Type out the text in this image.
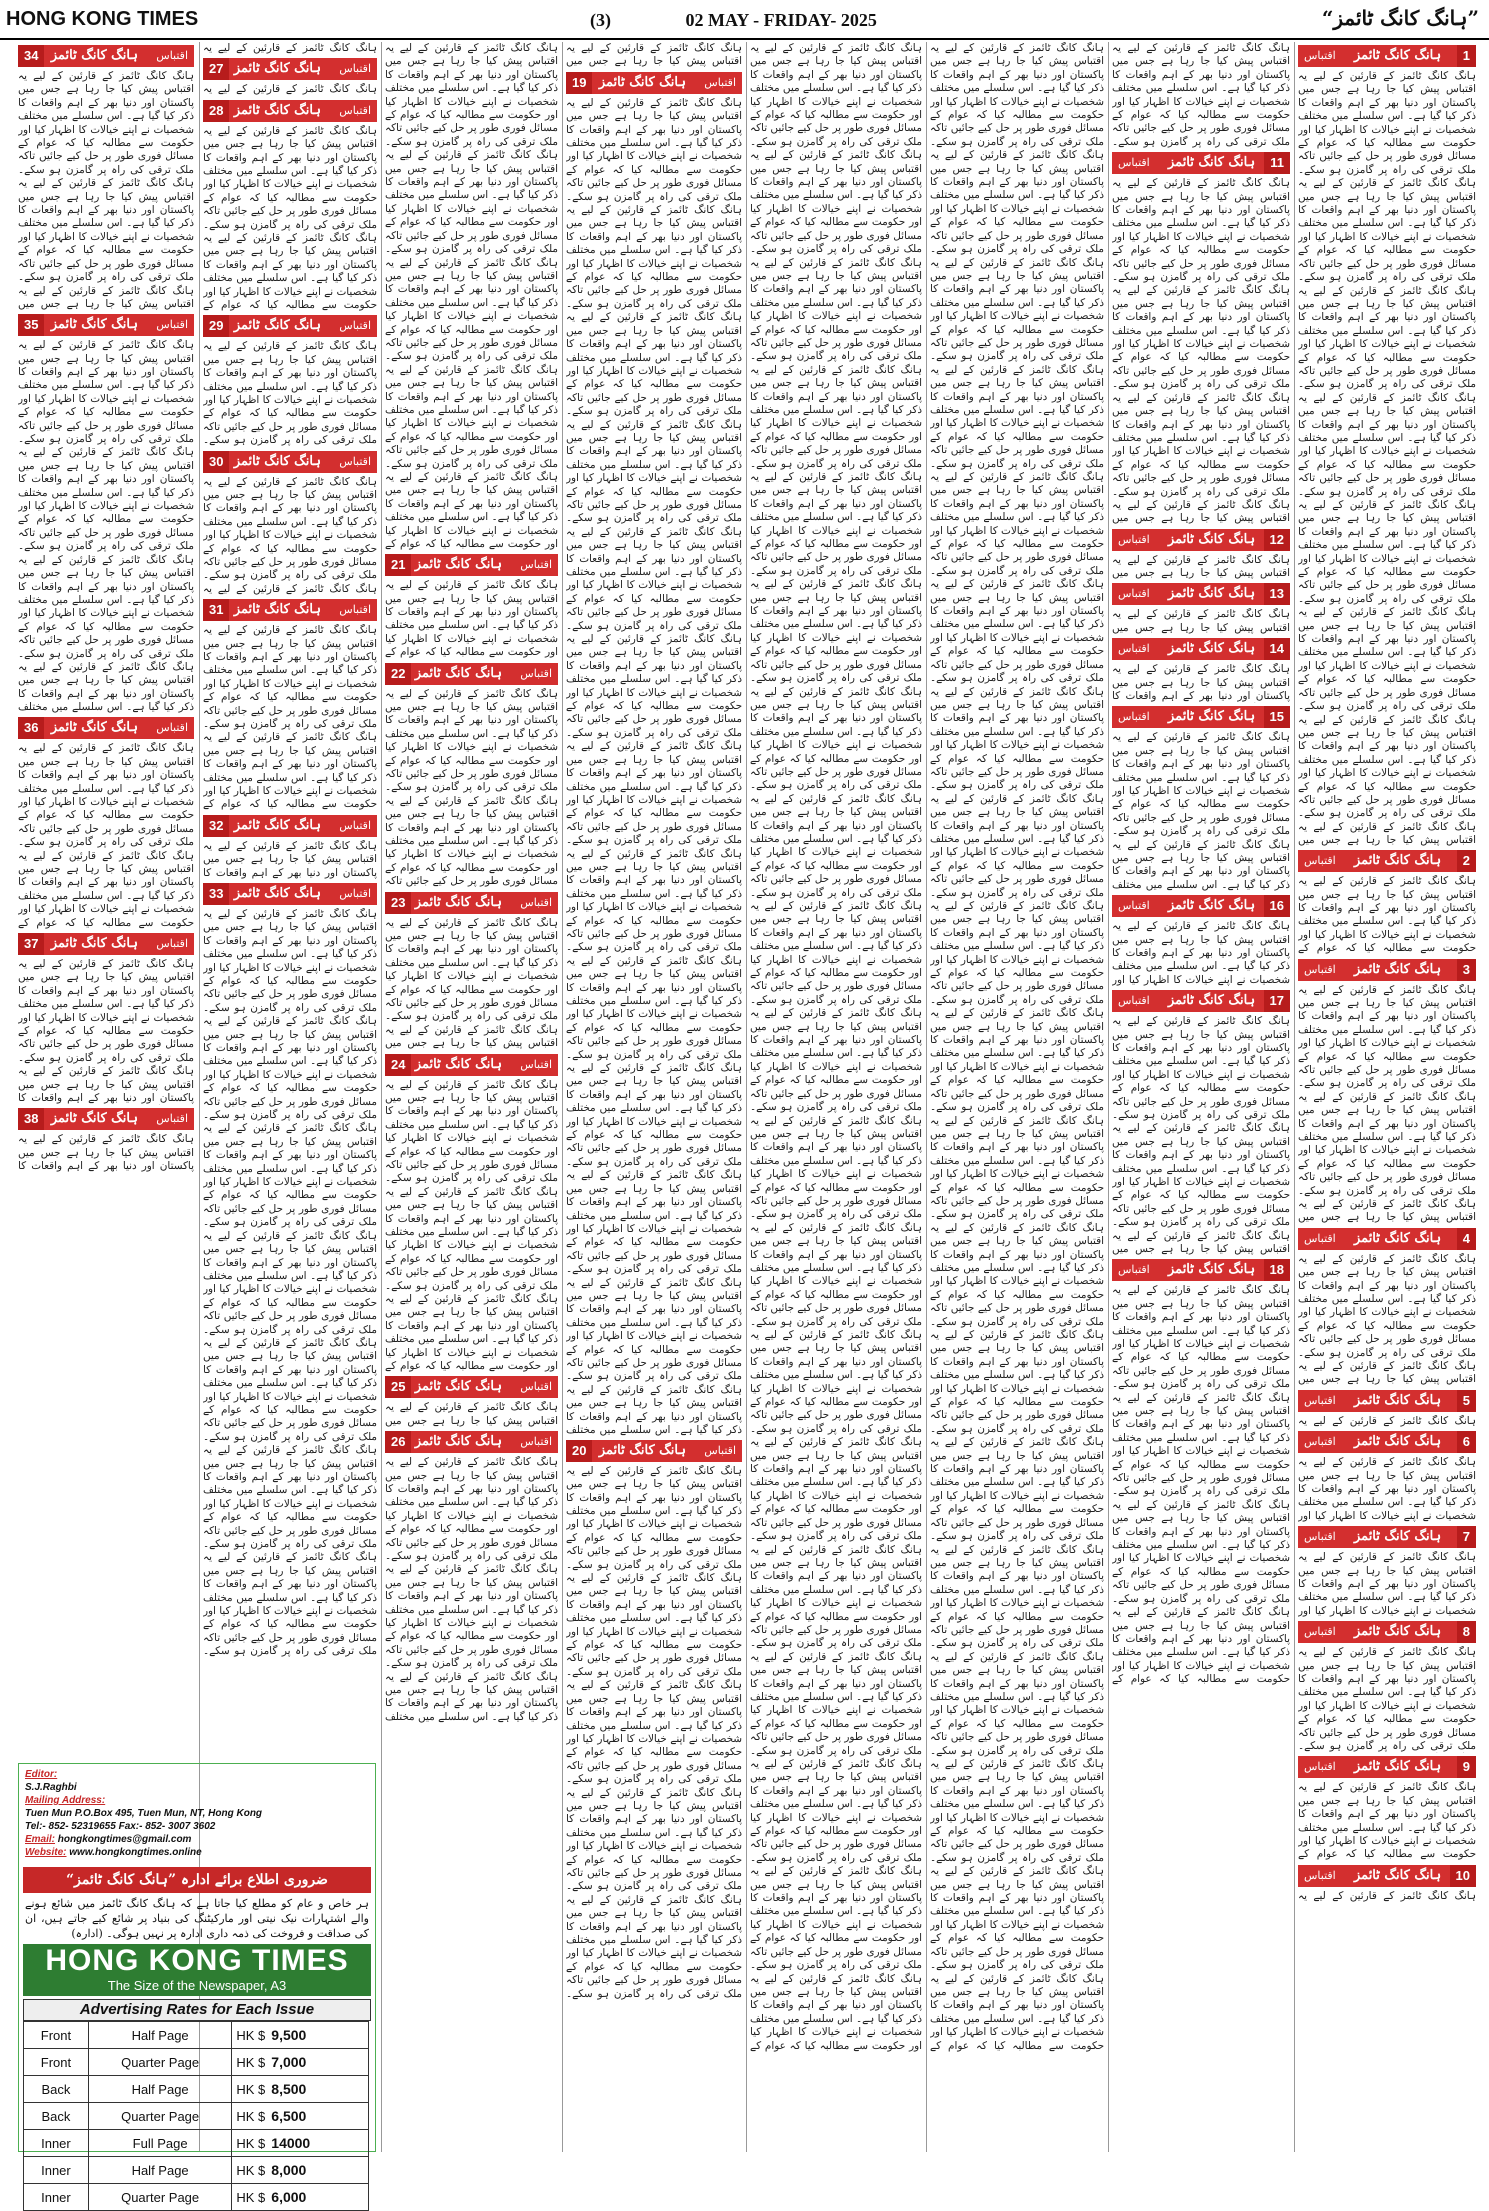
HONG KONG TIMES	(3)	02 MAY - FRIDAY- 2025	”ہانگ کانگ ٹائمز“
اقتباس ہانگ کانگ ٹائمز	1
ہانگ کانگ ٹائمز کے قارئین کے لیے یہ اقتباس پیش کیا جا رہا ہے جس میں پاکستان اور دنیا بھر کے اہم واقعات کا ذکر کیا گیا ہے۔ اس سلسلے میں مختلف شخصیات نے اپنے خیالات کا اظہار کیا اور حکومت سے مطالبہ کیا کہ عوام کے مسائل فوری طور پر حل کیے جائیں تاکہ ملک ترقی کی راہ پر گامزن ہو سکے۔ ہانگ کانگ ٹائمز کے قارئین کے لیے یہ اقتباس پیش کیا جا رہا ہے جس میں پاکستان اور دنیا بھر کے اہم واقعات کا ذکر کیا گیا ہے۔ اس سلسلے میں مختلف شخصیات نے اپنے خیالات کا اظہار کیا اور حکومت سے مطالبہ کیا کہ عوام کے مسائل فوری طور پر حل کیے جائیں تاکہ ملک ترقی کی راہ پر گامزن ہو سکے۔ ہانگ کانگ ٹائمز کے قارئین کے لیے یہ اقتباس پیش کیا جا رہا ہے جس میں پاکستان اور دنیا بھر کے اہم واقعات کا ذکر کیا گیا ہے۔ اس سلسلے میں مختلف شخصیات نے اپنے خیالات کا اظہار کیا اور حکومت سے مطالبہ کیا کہ عوام کے مسائل فوری طور پر حل کیے جائیں تاکہ ملک ترقی کی راہ پر گامزن ہو سکے۔ ہانگ کانگ ٹائمز کے قارئین کے لیے یہ اقتباس پیش کیا جا رہا ہے جس میں پاکستان اور دنیا بھر کے اہم واقعات کا ذکر کیا گیا ہے۔ اس سلسلے میں مختلف شخصیات نے اپنے خیالات کا اظہار کیا اور حکومت سے مطالبہ کیا کہ عوام کے مسائل فوری طور پر حل کیے جائیں تاکہ ملک ترقی کی راہ پر گامزن ہو سکے۔ ہانگ کانگ ٹائمز کے قارئین کے لیے یہ اقتباس پیش کیا جا رہا ہے جس میں پاکستان اور دنیا بھر کے اہم واقعات کا ذکر کیا گیا ہے۔ اس سلسلے میں مختلف شخصیات نے اپنے خیالات کا اظہار کیا اور حکومت سے مطالبہ کیا کہ عوام کے مسائل فوری طور پر حل کیے جائیں تاکہ ملک ترقی کی راہ پر گامزن ہو سکے۔ ہانگ کانگ ٹائمز کے قارئین کے لیے یہ اقتباس پیش کیا جا رہا ہے جس میں پاکستان اور دنیا بھر کے اہم واقعات کا ذکر کیا گیا ہے۔ اس سلسلے میں مختلف شخصیات نے اپنے خیالات کا اظہار کیا اور حکومت سے مطالبہ کیا کہ عوام کے مسائل فوری طور پر حل کیے جائیں تاکہ ملک ترقی کی راہ پر گامزن ہو سکے۔ ہانگ کانگ ٹائمز کے قارئین کے لیے یہ اقتباس پیش کیا جا رہا ہے جس میں پاکستان اور دنیا بھر کے اہم واقعات کا ذکر کیا گیا ہے۔ اس سلسلے میں مختلف شخصیات نے اپنے خیالات کا اظہار کیا اور حکومت سے مطالبہ کیا کہ عوام کے مسائل فوری طور پر حل کیے جائیں تاکہ ملک ترقی کی راہ پر گامزن ہو سکے۔ ہانگ کانگ ٹائمز کے قارئین کے لیے یہ اقتباس پیش کیا جا رہا ہے جس میں
اقتباس ہانگ کانگ ٹائمز	2
ہانگ کانگ ٹائمز کے قارئین کے لیے یہ اقتباس پیش کیا جا رہا ہے جس میں پاکستان اور دنیا بھر کے اہم واقعات کا ذکر کیا گیا ہے۔ اس سلسلے میں مختلف شخصیات نے اپنے خیالات کا اظہار کیا اور حکومت سے مطالبہ کیا کہ عوام کے
اقتباس ہانگ کانگ ٹائمز	3
ہانگ کانگ ٹائمز کے قارئین کے لیے یہ اقتباس پیش کیا جا رہا ہے جس میں پاکستان اور دنیا بھر کے اہم واقعات کا ذکر کیا گیا ہے۔ اس سلسلے میں مختلف شخصیات نے اپنے خیالات کا اظہار کیا اور حکومت سے مطالبہ کیا کہ عوام کے مسائل فوری طور پر حل کیے جائیں تاکہ ملک ترقی کی راہ پر گامزن ہو سکے۔ ہانگ کانگ ٹائمز کے قارئین کے لیے یہ اقتباس پیش کیا جا رہا ہے جس میں پاکستان اور دنیا بھر کے اہم واقعات کا ذکر کیا گیا ہے۔ اس سلسلے میں مختلف شخصیات نے اپنے خیالات کا اظہار کیا اور حکومت سے مطالبہ کیا کہ عوام کے مسائل فوری طور پر حل کیے جائیں تاکہ ملک ترقی کی راہ پر گامزن ہو سکے۔ ہانگ کانگ ٹائمز کے قارئین کے لیے یہ اقتباس پیش کیا جا رہا ہے جس میں
اقتباس ہانگ کانگ ٹائمز	4
ہانگ کانگ ٹائمز کے قارئین کے لیے یہ اقتباس پیش کیا جا رہا ہے جس میں پاکستان اور دنیا بھر کے اہم واقعات کا ذکر کیا گیا ہے۔ اس سلسلے میں مختلف شخصیات نے اپنے خیالات کا اظہار کیا اور حکومت سے مطالبہ کیا کہ عوام کے مسائل فوری طور پر حل کیے جائیں تاکہ ملک ترقی کی راہ پر گامزن ہو سکے۔ ہانگ کانگ ٹائمز کے قارئین کے لیے یہ اقتباس پیش کیا جا رہا ہے جس میں
اقتباس ہانگ کانگ ٹائمز	5
ہانگ کانگ ٹائمز کے قارئین کے لیے یہ
اقتباس ہانگ کانگ ٹائمز	6
ہانگ کانگ ٹائمز کے قارئین کے لیے یہ اقتباس پیش کیا جا رہا ہے جس میں پاکستان اور دنیا بھر کے اہم واقعات کا ذکر کیا گیا ہے۔ اس سلسلے میں مختلف شخصیات نے اپنے خیالات کا اظہار کیا اور
اقتباس ہانگ کانگ ٹائمز	7
ہانگ کانگ ٹائمز کے قارئین کے لیے یہ اقتباس پیش کیا جا رہا ہے جس میں پاکستان اور دنیا بھر کے اہم واقعات کا ذکر کیا گیا ہے۔ اس سلسلے میں مختلف شخصیات نے اپنے خیالات کا اظہار کیا اور
اقتباس ہانگ کانگ ٹائمز	8
ہانگ کانگ ٹائمز کے قارئین کے لیے یہ اقتباس پیش کیا جا رہا ہے جس میں پاکستان اور دنیا بھر کے اہم واقعات کا ذکر کیا گیا ہے۔ اس سلسلے میں مختلف شخصیات نے اپنے خیالات کا اظہار کیا اور حکومت سے مطالبہ کیا کہ عوام کے مسائل فوری طور پر حل کیے جائیں تاکہ ملک ترقی کی راہ پر گامزن ہو سکے۔
اقتباس ہانگ کانگ ٹائمز	9
ہانگ کانگ ٹائمز کے قارئین کے لیے یہ اقتباس پیش کیا جا رہا ہے جس میں پاکستان اور دنیا بھر کے اہم واقعات کا ذکر کیا گیا ہے۔ اس سلسلے میں مختلف شخصیات نے اپنے خیالات کا اظہار کیا اور حکومت سے مطالبہ کیا کہ عوام کے
اقتباس ہانگ کانگ ٹائمز	10
ہانگ کانگ ٹائمز کے قارئین کے لیے یہ
ہانگ کانگ ٹائمز کے قارئین کے لیے یہ اقتباس پیش کیا جا رہا ہے جس میں پاکستان اور دنیا بھر کے اہم واقعات کا ذکر کیا گیا ہے۔ اس سلسلے میں مختلف شخصیات نے اپنے خیالات کا اظہار کیا اور حکومت سے مطالبہ کیا کہ عوام کے مسائل فوری طور پر حل کیے جائیں تاکہ ملک ترقی کی راہ پر گامزن ہو سکے۔
اقتباس ہانگ کانگ ٹائمز	11
ہانگ کانگ ٹائمز کے قارئین کے لیے یہ اقتباس پیش کیا جا رہا ہے جس میں پاکستان اور دنیا بھر کے اہم واقعات کا ذکر کیا گیا ہے۔ اس سلسلے میں مختلف شخصیات نے اپنے خیالات کا اظہار کیا اور حکومت سے مطالبہ کیا کہ عوام کے مسائل فوری طور پر حل کیے جائیں تاکہ ملک ترقی کی راہ پر گامزن ہو سکے۔ ہانگ کانگ ٹائمز کے قارئین کے لیے یہ اقتباس پیش کیا جا رہا ہے جس میں پاکستان اور دنیا بھر کے اہم واقعات کا ذکر کیا گیا ہے۔ اس سلسلے میں مختلف شخصیات نے اپنے خیالات کا اظہار کیا اور حکومت سے مطالبہ کیا کہ عوام کے مسائل فوری طور پر حل کیے جائیں تاکہ ملک ترقی کی راہ پر گامزن ہو سکے۔ ہانگ کانگ ٹائمز کے قارئین کے لیے یہ اقتباس پیش کیا جا رہا ہے جس میں پاکستان اور دنیا بھر کے اہم واقعات کا ذکر کیا گیا ہے۔ اس سلسلے میں مختلف شخصیات نے اپنے خیالات کا اظہار کیا اور حکومت سے مطالبہ کیا کہ عوام کے مسائل فوری طور پر حل کیے جائیں تاکہ ملک ترقی کی راہ پر گامزن ہو سکے۔ ہانگ کانگ ٹائمز کے قارئین کے لیے یہ اقتباس پیش کیا جا رہا ہے جس میں
اقتباس ہانگ کانگ ٹائمز	12
ہانگ کانگ ٹائمز کے قارئین کے لیے یہ اقتباس پیش کیا جا رہا ہے جس میں
اقتباس ہانگ کانگ ٹائمز	13
ہانگ کانگ ٹائمز کے قارئین کے لیے یہ اقتباس پیش کیا جا رہا ہے جس میں
اقتباس ہانگ کانگ ٹائمز	14
ہانگ کانگ ٹائمز کے قارئین کے لیے یہ اقتباس پیش کیا جا رہا ہے جس میں پاکستان اور دنیا بھر کے اہم واقعات کا
اقتباس ہانگ کانگ ٹائمز	15
ہانگ کانگ ٹائمز کے قارئین کے لیے یہ اقتباس پیش کیا جا رہا ہے جس میں پاکستان اور دنیا بھر کے اہم واقعات کا ذکر کیا گیا ہے۔ اس سلسلے میں مختلف شخصیات نے اپنے خیالات کا اظہار کیا اور حکومت سے مطالبہ کیا کہ عوام کے مسائل فوری طور پر حل کیے جائیں تاکہ ملک ترقی کی راہ پر گامزن ہو سکے۔ ہانگ کانگ ٹائمز کے قارئین کے لیے یہ اقتباس پیش کیا جا رہا ہے جس میں پاکستان اور دنیا بھر کے اہم واقعات کا ذکر کیا گیا ہے۔ اس سلسلے میں مختلف
اقتباس ہانگ کانگ ٹائمز	16
ہانگ کانگ ٹائمز کے قارئین کے لیے یہ اقتباس پیش کیا جا رہا ہے جس میں پاکستان اور دنیا بھر کے اہم واقعات کا ذکر کیا گیا ہے۔ اس سلسلے میں مختلف شخصیات نے اپنے خیالات کا اظہار کیا اور
اقتباس ہانگ کانگ ٹائمز	17
ہانگ کانگ ٹائمز کے قارئین کے لیے یہ اقتباس پیش کیا جا رہا ہے جس میں پاکستان اور دنیا بھر کے اہم واقعات کا ذکر کیا گیا ہے۔ اس سلسلے میں مختلف شخصیات نے اپنے خیالات کا اظہار کیا اور حکومت سے مطالبہ کیا کہ عوام کے مسائل فوری طور پر حل کیے جائیں تاکہ ملک ترقی کی راہ پر گامزن ہو سکے۔ ہانگ کانگ ٹائمز کے قارئین کے لیے یہ اقتباس پیش کیا جا رہا ہے جس میں پاکستان اور دنیا بھر کے اہم واقعات کا ذکر کیا گیا ہے۔ اس سلسلے میں مختلف شخصیات نے اپنے خیالات کا اظہار کیا اور حکومت سے مطالبہ کیا کہ عوام کے مسائل فوری طور پر حل کیے جائیں تاکہ ملک ترقی کی راہ پر گامزن ہو سکے۔ ہانگ کانگ ٹائمز کے قارئین کے لیے یہ اقتباس پیش کیا جا رہا ہے جس میں
اقتباس ہانگ کانگ ٹائمز	18
ہانگ کانگ ٹائمز کے قارئین کے لیے یہ اقتباس پیش کیا جا رہا ہے جس میں پاکستان اور دنیا بھر کے اہم واقعات کا ذکر کیا گیا ہے۔ اس سلسلے میں مختلف شخصیات نے اپنے خیالات کا اظہار کیا اور حکومت سے مطالبہ کیا کہ عوام کے مسائل فوری طور پر حل کیے جائیں تاکہ ملک ترقی کی راہ پر گامزن ہو سکے۔ ہانگ کانگ ٹائمز کے قارئین کے لیے یہ اقتباس پیش کیا جا رہا ہے جس میں پاکستان اور دنیا بھر کے اہم واقعات کا ذکر کیا گیا ہے۔ اس سلسلے میں مختلف شخصیات نے اپنے خیالات کا اظہار کیا اور حکومت سے مطالبہ کیا کہ عوام کے مسائل فوری طور پر حل کیے جائیں تاکہ ملک ترقی کی راہ پر گامزن ہو سکے۔ ہانگ کانگ ٹائمز کے قارئین کے لیے یہ اقتباس پیش کیا جا رہا ہے جس میں پاکستان اور دنیا بھر کے اہم واقعات کا ذکر کیا گیا ہے۔ اس سلسلے میں مختلف شخصیات نے اپنے خیالات کا اظہار کیا اور حکومت سے مطالبہ کیا کہ عوام کے مسائل فوری طور پر حل کیے جائیں تاکہ ملک ترقی کی راہ پر گامزن ہو سکے۔ ہانگ کانگ ٹائمز کے قارئین کے لیے یہ اقتباس پیش کیا جا رہا ہے جس میں پاکستان اور دنیا بھر کے اہم واقعات کا ذکر کیا گیا ہے۔ اس سلسلے میں مختلف شخصیات نے اپنے خیالات کا اظہار کیا اور حکومت سے مطالبہ کیا کہ عوام کے
ہانگ کانگ ٹائمز کے قارئین کے لیے یہ اقتباس پیش کیا جا رہا ہے جس میں پاکستان اور دنیا بھر کے اہم واقعات کا ذکر کیا گیا ہے۔ اس سلسلے میں مختلف شخصیات نے اپنے خیالات کا اظہار کیا اور حکومت سے مطالبہ کیا کہ عوام کے مسائل فوری طور پر حل کیے جائیں تاکہ ملک ترقی کی راہ پر گامزن ہو سکے۔ ہانگ کانگ ٹائمز کے قارئین کے لیے یہ اقتباس پیش کیا جا رہا ہے جس میں پاکستان اور دنیا بھر کے اہم واقعات کا ذکر کیا گیا ہے۔ اس سلسلے میں مختلف شخصیات نے اپنے خیالات کا اظہار کیا اور حکومت سے مطالبہ کیا کہ عوام کے مسائل فوری طور پر حل کیے جائیں تاکہ ملک ترقی کی راہ پر گامزن ہو سکے۔ ہانگ کانگ ٹائمز کے قارئین کے لیے یہ اقتباس پیش کیا جا رہا ہے جس میں پاکستان اور دنیا بھر کے اہم واقعات کا ذکر کیا گیا ہے۔ اس سلسلے میں مختلف شخصیات نے اپنے خیالات کا اظہار کیا اور حکومت سے مطالبہ کیا کہ عوام کے مسائل فوری طور پر حل کیے جائیں تاکہ ملک ترقی کی راہ پر گامزن ہو سکے۔ ہانگ کانگ ٹائمز کے قارئین کے لیے یہ اقتباس پیش کیا جا رہا ہے جس میں پاکستان اور دنیا بھر کے اہم واقعات کا ذکر کیا گیا ہے۔ اس سلسلے میں مختلف شخصیات نے اپنے خیالات کا اظہار کیا اور حکومت سے مطالبہ کیا کہ عوام کے مسائل فوری طور پر حل کیے جائیں تاکہ ملک ترقی کی راہ پر گامزن ہو سکے۔ ہانگ کانگ ٹائمز کے قارئین کے لیے یہ اقتباس پیش کیا جا رہا ہے جس میں پاکستان اور دنیا بھر کے اہم واقعات کا ذکر کیا گیا ہے۔ اس سلسلے میں مختلف شخصیات نے اپنے خیالات کا اظہار کیا اور حکومت سے مطالبہ کیا کہ عوام کے مسائل فوری طور پر حل کیے جائیں تاکہ ملک ترقی کی راہ پر گامزن ہو سکے۔ ہانگ کانگ ٹائمز کے قارئین کے لیے یہ اقتباس پیش کیا جا رہا ہے جس میں پاکستان اور دنیا بھر کے اہم واقعات کا ذکر کیا گیا ہے۔ اس سلسلے میں مختلف شخصیات نے اپنے خیالات کا اظہار کیا اور حکومت سے مطالبہ کیا کہ عوام کے مسائل فوری طور پر حل کیے جائیں تاکہ ملک ترقی کی راہ پر گامزن ہو سکے۔ ہانگ کانگ ٹائمز کے قارئین کے لیے یہ اقتباس پیش کیا جا رہا ہے جس میں پاکستان اور دنیا بھر کے اہم واقعات کا ذکر کیا گیا ہے۔ اس سلسلے میں مختلف شخصیات نے اپنے خیالات کا اظہار کیا اور حکومت سے مطالبہ کیا کہ عوام کے مسائل فوری طور پر حل کیے جائیں تاکہ ملک ترقی کی راہ پر گامزن ہو سکے۔ ہانگ کانگ ٹائمز کے قارئین کے لیے یہ اقتباس پیش کیا جا رہا ہے جس میں پاکستان اور دنیا بھر کے اہم واقعات کا ذکر کیا گیا ہے۔ اس سلسلے میں مختلف شخصیات نے اپنے خیالات کا اظہار کیا اور حکومت سے مطالبہ کیا کہ عوام کے مسائل فوری طور پر حل کیے جائیں تاکہ ملک ترقی کی راہ پر گامزن ہو سکے۔ ہانگ کانگ ٹائمز کے قارئین کے لیے یہ اقتباس پیش کیا جا رہا ہے جس میں پاکستان اور دنیا بھر کے اہم واقعات کا ذکر کیا گیا ہے۔ اس سلسلے میں مختلف شخصیات نے اپنے خیالات کا اظہار کیا اور حکومت سے مطالبہ کیا کہ عوام کے مسائل فوری طور پر حل کیے جائیں تاکہ ملک ترقی کی راہ پر گامزن ہو سکے۔ ہانگ کانگ ٹائمز کے قارئین کے لیے یہ اقتباس پیش کیا جا رہا ہے جس میں پاکستان اور دنیا بھر کے اہم واقعات کا ذکر کیا گیا ہے۔ اس سلسلے میں مختلف شخصیات نے اپنے خیالات کا اظہار کیا اور حکومت سے مطالبہ کیا کہ عوام کے مسائل فوری طور پر حل کیے جائیں تاکہ ملک ترقی کی راہ پر گامزن ہو سکے۔ ہانگ کانگ ٹائمز کے قارئین کے لیے یہ اقتباس پیش کیا جا رہا ہے جس میں پاکستان اور دنیا بھر کے اہم واقعات کا ذکر کیا گیا ہے۔ اس سلسلے میں مختلف شخصیات نے اپنے خیالات کا اظہار کیا اور حکومت سے مطالبہ کیا کہ عوام کے مسائل فوری طور پر حل کیے جائیں تاکہ ملک ترقی کی راہ پر گامزن ہو سکے۔ ہانگ کانگ ٹائمز کے قارئین کے لیے یہ اقتباس پیش کیا جا رہا ہے جس میں پاکستان اور دنیا بھر کے اہم واقعات کا ذکر کیا گیا ہے۔ اس سلسلے میں مختلف شخصیات نے اپنے خیالات کا اظہار کیا اور حکومت سے مطالبہ کیا کہ عوام کے مسائل فوری طور پر حل کیے جائیں تاکہ ملک ترقی کی راہ پر گامزن ہو سکے۔ ہانگ کانگ ٹائمز کے قارئین کے لیے یہ اقتباس پیش کیا جا رہا ہے جس میں پاکستان اور دنیا بھر کے اہم واقعات کا ذکر کیا گیا ہے۔ اس سلسلے میں مختلف شخصیات نے اپنے خیالات کا اظہار کیا اور حکومت سے مطالبہ کیا کہ عوام کے مسائل فوری طور پر حل کیے جائیں تاکہ ملک ترقی کی راہ پر گامزن ہو سکے۔ ہانگ کانگ ٹائمز کے قارئین کے لیے یہ اقتباس پیش کیا جا رہا ہے جس میں پاکستان اور دنیا بھر کے اہم واقعات کا ذکر کیا گیا ہے۔ اس سلسلے میں مختلف شخصیات نے اپنے خیالات کا اظہار کیا اور حکومت سے مطالبہ کیا کہ عوام کے مسائل فوری طور پر حل کیے جائیں تاکہ ملک ترقی کی راہ پر گامزن ہو سکے۔ ہانگ کانگ ٹائمز کے قارئین کے لیے یہ اقتباس پیش کیا جا رہا ہے جس میں پاکستان اور دنیا بھر کے اہم واقعات کا ذکر کیا گیا ہے۔ اس سلسلے میں مختلف شخصیات نے اپنے خیالات کا اظہار کیا اور حکومت سے مطالبہ کیا کہ عوام کے مسائل فوری طور پر حل کیے جائیں تاکہ ملک ترقی کی راہ پر گامزن ہو سکے۔ ہانگ کانگ ٹائمز کے قارئین کے لیے یہ اقتباس پیش کیا جا رہا ہے جس میں پاکستان اور دنیا بھر کے اہم واقعات کا ذکر کیا گیا ہے۔ اس سلسلے میں مختلف شخصیات نے اپنے خیالات کا اظہار کیا اور حکومت سے مطالبہ کیا کہ عوام کے مسائل فوری طور پر حل کیے جائیں تاکہ ملک ترقی کی راہ پر گامزن ہو سکے۔ ہانگ کانگ ٹائمز کے قارئین کے لیے یہ اقتباس پیش کیا جا رہا ہے جس میں پاکستان اور دنیا بھر کے اہم واقعات کا ذکر کیا گیا ہے۔ اس سلسلے میں مختلف شخصیات نے اپنے خیالات کا اظہار کیا اور حکومت سے مطالبہ کیا کہ عوام کے مسائل فوری طور پر حل کیے جائیں تاکہ ملک ترقی کی راہ پر گامزن ہو سکے۔ ہانگ کانگ ٹائمز کے قارئین کے لیے یہ اقتباس پیش کیا جا رہا ہے جس میں پاکستان اور دنیا بھر کے اہم واقعات کا ذکر کیا گیا ہے۔ اس سلسلے میں مختلف شخصیات نے اپنے خیالات کا اظہار کیا اور حکومت سے مطالبہ کیا کہ عوام کے مسائل فوری طور پر حل کیے جائیں تاکہ ملک ترقی کی راہ پر گامزن ہو سکے۔ ہانگ کانگ ٹائمز کے قارئین کے لیے یہ اقتباس پیش کیا جا رہا ہے جس میں پاکستان اور دنیا بھر کے اہم واقعات کا ذکر کیا گیا ہے۔ اس سلسلے میں مختلف شخصیات نے اپنے خیالات کا اظہار کیا اور حکومت سے مطالبہ کیا کہ عوام کے
ہانگ کانگ ٹائمز کے قارئین کے لیے یہ اقتباس پیش کیا جا رہا ہے جس میں پاکستان اور دنیا بھر کے اہم واقعات کا ذکر کیا گیا ہے۔ اس سلسلے میں مختلف شخصیات نے اپنے خیالات کا اظہار کیا اور حکومت سے مطالبہ کیا کہ عوام کے مسائل فوری طور پر حل کیے جائیں تاکہ ملک ترقی کی راہ پر گامزن ہو سکے۔ ہانگ کانگ ٹائمز کے قارئین کے لیے یہ اقتباس پیش کیا جا رہا ہے جس میں پاکستان اور دنیا بھر کے اہم واقعات کا ذکر کیا گیا ہے۔ اس سلسلے میں مختلف شخصیات نے اپنے خیالات کا اظہار کیا اور حکومت سے مطالبہ کیا کہ عوام کے مسائل فوری طور پر حل کیے جائیں تاکہ ملک ترقی کی راہ پر گامزن ہو سکے۔ ہانگ کانگ ٹائمز کے قارئین کے لیے یہ اقتباس پیش کیا جا رہا ہے جس میں پاکستان اور دنیا بھر کے اہم واقعات کا ذکر کیا گیا ہے۔ اس سلسلے میں مختلف شخصیات نے اپنے خیالات کا اظہار کیا اور حکومت سے مطالبہ کیا کہ عوام کے مسائل فوری طور پر حل کیے جائیں تاکہ ملک ترقی کی راہ پر گامزن ہو سکے۔ ہانگ کانگ ٹائمز کے قارئین کے لیے یہ اقتباس پیش کیا جا رہا ہے جس میں پاکستان اور دنیا بھر کے اہم واقعات کا ذکر کیا گیا ہے۔ اس سلسلے میں مختلف شخصیات نے اپنے خیالات کا اظہار کیا اور حکومت سے مطالبہ کیا کہ عوام کے مسائل فوری طور پر حل کیے جائیں تاکہ ملک ترقی کی راہ پر گامزن ہو سکے۔ ہانگ کانگ ٹائمز کے قارئین کے لیے یہ اقتباس پیش کیا جا رہا ہے جس میں پاکستان اور دنیا بھر کے اہم واقعات کا ذکر کیا گیا ہے۔ اس سلسلے میں مختلف شخصیات نے اپنے خیالات کا اظہار کیا اور حکومت سے مطالبہ کیا کہ عوام کے مسائل فوری طور پر حل کیے جائیں تاکہ ملک ترقی کی راہ پر گامزن ہو سکے۔ ہانگ کانگ ٹائمز کے قارئین کے لیے یہ اقتباس پیش کیا جا رہا ہے جس میں پاکستان اور دنیا بھر کے اہم واقعات کا ذکر کیا گیا ہے۔ اس سلسلے میں مختلف شخصیات نے اپنے خیالات کا اظہار کیا اور حکومت سے مطالبہ کیا کہ عوام کے مسائل فوری طور پر حل کیے جائیں تاکہ ملک ترقی کی راہ پر گامزن ہو سکے۔ ہانگ کانگ ٹائمز کے قارئین کے لیے یہ اقتباس پیش کیا جا رہا ہے جس میں پاکستان اور دنیا بھر کے اہم واقعات کا ذکر کیا گیا ہے۔ اس سلسلے میں مختلف شخصیات نے اپنے خیالات کا اظہار کیا اور حکومت سے مطالبہ کیا کہ عوام کے مسائل فوری طور پر حل کیے جائیں تاکہ ملک ترقی کی راہ پر گامزن ہو سکے۔ ہانگ کانگ ٹائمز کے قارئین کے لیے یہ اقتباس پیش کیا جا رہا ہے جس میں پاکستان اور دنیا بھر کے اہم واقعات کا ذکر کیا گیا ہے۔ اس سلسلے میں مختلف شخصیات نے اپنے خیالات کا اظہار کیا اور حکومت سے مطالبہ کیا کہ عوام کے مسائل فوری طور پر حل کیے جائیں تاکہ ملک ترقی کی راہ پر گامزن ہو سکے۔ ہانگ کانگ ٹائمز کے قارئین کے لیے یہ اقتباس پیش کیا جا رہا ہے جس میں پاکستان اور دنیا بھر کے اہم واقعات کا ذکر کیا گیا ہے۔ اس سلسلے میں مختلف شخصیات نے اپنے خیالات کا اظہار کیا اور حکومت سے مطالبہ کیا کہ عوام کے مسائل فوری طور پر حل کیے جائیں تاکہ ملک ترقی کی راہ پر گامزن ہو سکے۔ ہانگ کانگ ٹائمز کے قارئین کے لیے یہ اقتباس پیش کیا جا رہا ہے جس میں پاکستان اور دنیا بھر کے اہم واقعات کا ذکر کیا گیا ہے۔ اس سلسلے میں مختلف شخصیات نے اپنے خیالات کا اظہار کیا اور حکومت سے مطالبہ کیا کہ عوام کے مسائل فوری طور پر حل کیے جائیں تاکہ ملک ترقی کی راہ پر گامزن ہو سکے۔ ہانگ کانگ ٹائمز کے قارئین کے لیے یہ اقتباس پیش کیا جا رہا ہے جس میں پاکستان اور دنیا بھر کے اہم واقعات کا ذکر کیا گیا ہے۔ اس سلسلے میں مختلف شخصیات نے اپنے خیالات کا اظہار کیا اور حکومت سے مطالبہ کیا کہ عوام کے مسائل فوری طور پر حل کیے جائیں تاکہ ملک ترقی کی راہ پر گامزن ہو سکے۔ ہانگ کانگ ٹائمز کے قارئین کے لیے یہ اقتباس پیش کیا جا رہا ہے جس میں پاکستان اور دنیا بھر کے اہم واقعات کا ذکر کیا گیا ہے۔ اس سلسلے میں مختلف شخصیات نے اپنے خیالات کا اظہار کیا اور حکومت سے مطالبہ کیا کہ عوام کے مسائل فوری طور پر حل کیے جائیں تاکہ ملک ترقی کی راہ پر گامزن ہو سکے۔ ہانگ کانگ ٹائمز کے قارئین کے لیے یہ اقتباس پیش کیا جا رہا ہے جس میں پاکستان اور دنیا بھر کے اہم واقعات کا ذکر کیا گیا ہے۔ اس سلسلے میں مختلف شخصیات نے اپنے خیالات کا اظہار کیا اور حکومت سے مطالبہ کیا کہ عوام کے مسائل فوری طور پر حل کیے جائیں تاکہ ملک ترقی کی راہ پر گامزن ہو سکے۔ ہانگ کانگ ٹائمز کے قارئین کے لیے یہ اقتباس پیش کیا جا رہا ہے جس میں پاکستان اور دنیا بھر کے اہم واقعات کا ذکر کیا گیا ہے۔ اس سلسلے میں مختلف شخصیات نے اپنے خیالات کا اظہار کیا اور حکومت سے مطالبہ کیا کہ عوام کے مسائل فوری طور پر حل کیے جائیں تاکہ ملک ترقی کی راہ پر گامزن ہو سکے۔ ہانگ کانگ ٹائمز کے قارئین کے لیے یہ اقتباس پیش کیا جا رہا ہے جس میں پاکستان اور دنیا بھر کے اہم واقعات کا ذکر کیا گیا ہے۔ اس سلسلے میں مختلف شخصیات نے اپنے خیالات کا اظہار کیا اور حکومت سے مطالبہ کیا کہ عوام کے مسائل فوری طور پر حل کیے جائیں تاکہ ملک ترقی کی راہ پر گامزن ہو سکے۔ ہانگ کانگ ٹائمز کے قارئین کے لیے یہ اقتباس پیش کیا جا رہا ہے جس میں پاکستان اور دنیا بھر کے اہم واقعات کا ذکر کیا گیا ہے۔ اس سلسلے میں مختلف شخصیات نے اپنے خیالات کا اظہار کیا اور حکومت سے مطالبہ کیا کہ عوام کے مسائل فوری طور پر حل کیے جائیں تاکہ ملک ترقی کی راہ پر گامزن ہو سکے۔ ہانگ کانگ ٹائمز کے قارئین کے لیے یہ اقتباس پیش کیا جا رہا ہے جس میں پاکستان اور دنیا بھر کے اہم واقعات کا ذکر کیا گیا ہے۔ اس سلسلے میں مختلف شخصیات نے اپنے خیالات کا اظہار کیا اور حکومت سے مطالبہ کیا کہ عوام کے مسائل فوری طور پر حل کیے جائیں تاکہ ملک ترقی کی راہ پر گامزن ہو سکے۔ ہانگ کانگ ٹائمز کے قارئین کے لیے یہ اقتباس پیش کیا جا رہا ہے جس میں پاکستان اور دنیا بھر کے اہم واقعات کا ذکر کیا گیا ہے۔ اس سلسلے میں مختلف شخصیات نے اپنے خیالات کا اظہار کیا اور حکومت سے مطالبہ کیا کہ عوام کے مسائل فوری طور پر حل کیے جائیں تاکہ ملک ترقی کی راہ پر گامزن ہو سکے۔ ہانگ کانگ ٹائمز کے قارئین کے لیے یہ اقتباس پیش کیا جا رہا ہے جس میں پاکستان اور دنیا بھر کے اہم واقعات کا ذکر کیا گیا ہے۔ اس سلسلے میں مختلف شخصیات نے اپنے خیالات کا اظہار کیا اور حکومت سے مطالبہ کیا کہ عوام کے
ہانگ کانگ ٹائمز کے قارئین کے لیے یہ اقتباس پیش کیا جا رہا ہے جس میں
اقتباس
ہانگ کانگ ٹائمز
19
ہانگ کانگ ٹائمز کے قارئین کے لیے یہ اقتباس پیش کیا جا رہا ہے جس میں پاکستان اور دنیا بھر کے اہم واقعات کا ذکر کیا گیا ہے۔ اس سلسلے میں مختلف شخصیات نے اپنے خیالات کا اظہار کیا اور حکومت سے مطالبہ کیا کہ عوام کے مسائل فوری طور پر حل کیے جائیں تاکہ ملک ترقی کی راہ پر گامزن ہو سکے۔ ہانگ کانگ ٹائمز کے قارئین کے لیے یہ اقتباس پیش کیا جا رہا ہے جس میں پاکستان اور دنیا بھر کے اہم واقعات کا ذکر کیا گیا ہے۔ اس سلسلے میں مختلف شخصیات نے اپنے خیالات کا اظہار کیا اور حکومت سے مطالبہ کیا کہ عوام کے مسائل فوری طور پر حل کیے جائیں تاکہ ملک ترقی کی راہ پر گامزن ہو سکے۔ ہانگ کانگ ٹائمز کے قارئین کے لیے یہ اقتباس پیش کیا جا رہا ہے جس میں پاکستان اور دنیا بھر کے اہم واقعات کا ذکر کیا گیا ہے۔ اس سلسلے میں مختلف شخصیات نے اپنے خیالات کا اظہار کیا اور حکومت سے مطالبہ کیا کہ عوام کے مسائل فوری طور پر حل کیے جائیں تاکہ ملک ترقی کی راہ پر گامزن ہو سکے۔ ہانگ کانگ ٹائمز کے قارئین کے لیے یہ اقتباس پیش کیا جا رہا ہے جس میں پاکستان اور دنیا بھر کے اہم واقعات کا ذکر کیا گیا ہے۔ اس سلسلے میں مختلف شخصیات نے اپنے خیالات کا اظہار کیا اور حکومت سے مطالبہ کیا کہ عوام کے مسائل فوری طور پر حل کیے جائیں تاکہ ملک ترقی کی راہ پر گامزن ہو سکے۔ ہانگ کانگ ٹائمز کے قارئین کے لیے یہ اقتباس پیش کیا جا رہا ہے جس میں پاکستان اور دنیا بھر کے اہم واقعات کا ذکر کیا گیا ہے۔ اس سلسلے میں مختلف شخصیات نے اپنے خیالات کا اظہار کیا اور حکومت سے مطالبہ کیا کہ عوام کے مسائل فوری طور پر حل کیے جائیں تاکہ ملک ترقی کی راہ پر گامزن ہو سکے۔ ہانگ کانگ ٹائمز کے قارئین کے لیے یہ اقتباس پیش کیا جا رہا ہے جس میں پاکستان اور دنیا بھر کے اہم واقعات کا ذکر کیا گیا ہے۔ اس سلسلے میں مختلف شخصیات نے اپنے خیالات کا اظہار کیا اور حکومت سے مطالبہ کیا کہ عوام کے مسائل فوری طور پر حل کیے جائیں تاکہ ملک ترقی کی راہ پر گامزن ہو سکے۔ ہانگ کانگ ٹائمز کے قارئین کے لیے یہ اقتباس پیش کیا جا رہا ہے جس میں پاکستان اور دنیا بھر کے اہم واقعات کا ذکر کیا گیا ہے۔ اس سلسلے میں مختلف شخصیات نے اپنے خیالات کا اظہار کیا اور حکومت سے مطالبہ کیا کہ عوام کے مسائل فوری طور پر حل کیے جائیں تاکہ ملک ترقی کی راہ پر گامزن ہو سکے۔ ہانگ کانگ ٹائمز کے قارئین کے لیے یہ اقتباس پیش کیا جا رہا ہے جس میں پاکستان اور دنیا بھر کے اہم واقعات کا ذکر کیا گیا ہے۔ اس سلسلے میں مختلف شخصیات نے اپنے خیالات کا اظہار کیا اور حکومت سے مطالبہ کیا کہ عوام کے مسائل فوری طور پر حل کیے جائیں تاکہ ملک ترقی کی راہ پر گامزن ہو سکے۔ ہانگ کانگ ٹائمز کے قارئین کے لیے یہ اقتباس پیش کیا جا رہا ہے جس میں پاکستان اور دنیا بھر کے اہم واقعات کا ذکر کیا گیا ہے۔ اس سلسلے میں مختلف شخصیات نے اپنے خیالات کا اظہار کیا اور حکومت سے مطالبہ کیا کہ عوام کے مسائل فوری طور پر حل کیے جائیں تاکہ ملک ترقی کی راہ پر گامزن ہو سکے۔ ہانگ کانگ ٹائمز کے قارئین کے لیے یہ اقتباس پیش کیا جا رہا ہے جس میں پاکستان اور دنیا بھر کے اہم واقعات کا ذکر کیا گیا ہے۔ اس سلسلے میں مختلف شخصیات نے اپنے خیالات کا اظہار کیا اور حکومت سے مطالبہ کیا کہ عوام کے مسائل فوری طور پر حل کیے جائیں تاکہ ملک ترقی کی راہ پر گامزن ہو سکے۔ ہانگ کانگ ٹائمز کے قارئین کے لیے یہ اقتباس پیش کیا جا رہا ہے جس میں پاکستان اور دنیا بھر کے اہم واقعات کا ذکر کیا گیا ہے۔ اس سلسلے میں مختلف شخصیات نے اپنے خیالات کا اظہار کیا اور حکومت سے مطالبہ کیا کہ عوام کے مسائل فوری طور پر حل کیے جائیں تاکہ ملک ترقی کی راہ پر گامزن ہو سکے۔ ہانگ کانگ ٹائمز کے قارئین کے لیے یہ اقتباس پیش کیا جا رہا ہے جس میں پاکستان اور دنیا بھر کے اہم واقعات کا ذکر کیا گیا ہے۔ اس سلسلے میں مختلف شخصیات نے اپنے خیالات کا اظہار کیا اور حکومت سے مطالبہ کیا کہ عوام کے مسائل فوری طور پر حل کیے جائیں تاکہ ملک ترقی کی راہ پر گامزن ہو سکے۔ ہانگ کانگ ٹائمز کے قارئین کے لیے یہ اقتباس پیش کیا جا رہا ہے جس میں پاکستان اور دنیا بھر کے اہم واقعات کا ذکر کیا گیا ہے۔ اس سلسلے میں مختلف
اقتباس
ہانگ کانگ ٹائمز
20
ہانگ کانگ ٹائمز کے قارئین کے لیے یہ اقتباس پیش کیا جا رہا ہے جس میں پاکستان اور دنیا بھر کے اہم واقعات کا ذکر کیا گیا ہے۔ اس سلسلے میں مختلف شخصیات نے اپنے خیالات کا اظہار کیا اور حکومت سے مطالبہ کیا کہ عوام کے مسائل فوری طور پر حل کیے جائیں تاکہ ملک ترقی کی راہ پر گامزن ہو سکے۔ ہانگ کانگ ٹائمز کے قارئین کے لیے یہ اقتباس پیش کیا جا رہا ہے جس میں پاکستان اور دنیا بھر کے اہم واقعات کا ذکر کیا گیا ہے۔ اس سلسلے میں مختلف شخصیات نے اپنے خیالات کا اظہار کیا اور حکومت سے مطالبہ کیا کہ عوام کے مسائل فوری طور پر حل کیے جائیں تاکہ ملک ترقی کی راہ پر گامزن ہو سکے۔ ہانگ کانگ ٹائمز کے قارئین کے لیے یہ اقتباس پیش کیا جا رہا ہے جس میں پاکستان اور دنیا بھر کے اہم واقعات کا ذکر کیا گیا ہے۔ اس سلسلے میں مختلف شخصیات نے اپنے خیالات کا اظہار کیا اور حکومت سے مطالبہ کیا کہ عوام کے مسائل فوری طور پر حل کیے جائیں تاکہ ملک ترقی کی راہ پر گامزن ہو سکے۔ ہانگ کانگ ٹائمز کے قارئین کے لیے یہ اقتباس پیش کیا جا رہا ہے جس میں پاکستان اور دنیا بھر کے اہم واقعات کا ذکر کیا گیا ہے۔ اس سلسلے میں مختلف شخصیات نے اپنے خیالات کا اظہار کیا اور حکومت سے مطالبہ کیا کہ عوام کے مسائل فوری طور پر حل کیے جائیں تاکہ ملک ترقی کی راہ پر گامزن ہو سکے۔ ہانگ کانگ ٹائمز کے قارئین کے لیے یہ اقتباس پیش کیا جا رہا ہے جس میں پاکستان اور دنیا بھر کے اہم واقعات کا ذکر کیا گیا ہے۔ اس سلسلے میں مختلف شخصیات نے اپنے خیالات کا اظہار کیا اور حکومت سے مطالبہ کیا کہ عوام کے مسائل فوری طور پر حل کیے جائیں تاکہ ملک ترقی کی راہ پر گامزن ہو سکے۔
ہانگ کانگ ٹائمز کے قارئین کے لیے یہ اقتباس پیش کیا جا رہا ہے جس میں پاکستان اور دنیا بھر کے اہم واقعات کا ذکر کیا گیا ہے۔ اس سلسلے میں مختلف شخصیات نے اپنے خیالات کا اظہار کیا اور حکومت سے مطالبہ کیا کہ عوام کے مسائل فوری طور پر حل کیے جائیں تاکہ ملک ترقی کی راہ پر گامزن ہو سکے۔ ہانگ کانگ ٹائمز کے قارئین کے لیے یہ اقتباس پیش کیا جا رہا ہے جس میں پاکستان اور دنیا بھر کے اہم واقعات کا ذکر کیا گیا ہے۔ اس سلسلے میں مختلف شخصیات نے اپنے خیالات کا اظہار کیا اور حکومت سے مطالبہ کیا کہ عوام کے مسائل فوری طور پر حل کیے جائیں تاکہ ملک ترقی کی راہ پر گامزن ہو سکے۔ ہانگ کانگ ٹائمز کے قارئین کے لیے یہ اقتباس پیش کیا جا رہا ہے جس میں پاکستان اور دنیا بھر کے اہم واقعات کا ذکر کیا گیا ہے۔ اس سلسلے میں مختلف شخصیات نے اپنے خیالات کا اظہار کیا اور حکومت سے مطالبہ کیا کہ عوام کے مسائل فوری طور پر حل کیے جائیں تاکہ ملک ترقی کی راہ پر گامزن ہو سکے۔ ہانگ کانگ ٹائمز کے قارئین کے لیے یہ اقتباس پیش کیا جا رہا ہے جس میں پاکستان اور دنیا بھر کے اہم واقعات کا ذکر کیا گیا ہے۔ اس سلسلے میں مختلف شخصیات نے اپنے خیالات کا اظہار کیا اور حکومت سے مطالبہ کیا کہ عوام کے مسائل فوری طور پر حل کیے جائیں تاکہ ملک ترقی کی راہ پر گامزن ہو سکے۔ ہانگ کانگ ٹائمز کے قارئین کے لیے یہ اقتباس پیش کیا جا رہا ہے جس میں پاکستان اور دنیا بھر کے اہم واقعات کا ذکر کیا گیا ہے۔ اس سلسلے میں مختلف شخصیات نے اپنے خیالات کا اظہار کیا اور حکومت سے مطالبہ کیا کہ عوام کے
اقتباس
ہانگ کانگ ٹائمز
21
ہانگ کانگ ٹائمز کے قارئین کے لیے یہ اقتباس پیش کیا جا رہا ہے جس میں پاکستان اور دنیا بھر کے اہم واقعات کا ذکر کیا گیا ہے۔ اس سلسلے میں مختلف شخصیات نے اپنے خیالات کا اظہار کیا اور حکومت سے مطالبہ کیا کہ عوام کے
اقتباس
ہانگ کانگ ٹائمز
22
ہانگ کانگ ٹائمز کے قارئین کے لیے یہ اقتباس پیش کیا جا رہا ہے جس میں پاکستان اور دنیا بھر کے اہم واقعات کا ذکر کیا گیا ہے۔ اس سلسلے میں مختلف شخصیات نے اپنے خیالات کا اظہار کیا اور حکومت سے مطالبہ کیا کہ عوام کے مسائل فوری طور پر حل کیے جائیں تاکہ ملک ترقی کی راہ پر گامزن ہو سکے۔ ہانگ کانگ ٹائمز کے قارئین کے لیے یہ اقتباس پیش کیا جا رہا ہے جس میں پاکستان اور دنیا بھر کے اہم واقعات کا ذکر کیا گیا ہے۔ اس سلسلے میں مختلف شخصیات نے اپنے خیالات کا اظہار کیا اور حکومت سے مطالبہ کیا کہ عوام کے مسائل فوری طور پر حل کیے جائیں تاکہ
اقتباس
ہانگ کانگ ٹائمز
23
ہانگ کانگ ٹائمز کے قارئین کے لیے یہ اقتباس پیش کیا جا رہا ہے جس میں پاکستان اور دنیا بھر کے اہم واقعات کا ذکر کیا گیا ہے۔ اس سلسلے میں مختلف شخصیات نے اپنے خیالات کا اظہار کیا اور حکومت سے مطالبہ کیا کہ عوام کے مسائل فوری طور پر حل کیے جائیں تاکہ ملک ترقی کی راہ پر گامزن ہو سکے۔ ہانگ کانگ ٹائمز کے قارئین کے لیے یہ اقتباس پیش کیا جا رہا ہے جس میں
اقتباس
ہانگ کانگ ٹائمز
24
ہانگ کانگ ٹائمز کے قارئین کے لیے یہ اقتباس پیش کیا جا رہا ہے جس میں پاکستان اور دنیا بھر کے اہم واقعات کا ذکر کیا گیا ہے۔ اس سلسلے میں مختلف شخصیات نے اپنے خیالات کا اظہار کیا اور حکومت سے مطالبہ کیا کہ عوام کے مسائل فوری طور پر حل کیے جائیں تاکہ ملک ترقی کی راہ پر گامزن ہو سکے۔ ہانگ کانگ ٹائمز کے قارئین کے لیے یہ اقتباس پیش کیا جا رہا ہے جس میں پاکستان اور دنیا بھر کے اہم واقعات کا ذکر کیا گیا ہے۔ اس سلسلے میں مختلف شخصیات نے اپنے خیالات کا اظہار کیا اور حکومت سے مطالبہ کیا کہ عوام کے مسائل فوری طور پر حل کیے جائیں تاکہ ملک ترقی کی راہ پر گامزن ہو سکے۔ ہانگ کانگ ٹائمز کے قارئین کے لیے یہ اقتباس پیش کیا جا رہا ہے جس میں پاکستان اور دنیا بھر کے اہم واقعات کا ذکر کیا گیا ہے۔ اس سلسلے میں مختلف شخصیات نے اپنے خیالات کا اظہار کیا اور حکومت سے مطالبہ کیا کہ عوام کے
اقتباس
ہانگ کانگ ٹائمز
25
ہانگ کانگ ٹائمز کے قارئین کے لیے یہ اقتباس پیش کیا جا رہا ہے جس میں
اقتباس
ہانگ کانگ ٹائمز
26
ہانگ کانگ ٹائمز کے قارئین کے لیے یہ اقتباس پیش کیا جا رہا ہے جس میں پاکستان اور دنیا بھر کے اہم واقعات کا ذکر کیا گیا ہے۔ اس سلسلے میں مختلف شخصیات نے اپنے خیالات کا اظہار کیا اور حکومت سے مطالبہ کیا کہ عوام کے مسائل فوری طور پر حل کیے جائیں تاکہ ملک ترقی کی راہ پر گامزن ہو سکے۔ ہانگ کانگ ٹائمز کے قارئین کے لیے یہ اقتباس پیش کیا جا رہا ہے جس میں پاکستان اور دنیا بھر کے اہم واقعات کا ذکر کیا گیا ہے۔ اس سلسلے میں مختلف شخصیات نے اپنے خیالات کا اظہار کیا اور حکومت سے مطالبہ کیا کہ عوام کے مسائل فوری طور پر حل کیے جائیں تاکہ ملک ترقی کی راہ پر گامزن ہو سکے۔ ہانگ کانگ ٹائمز کے قارئین کے لیے یہ اقتباس پیش کیا جا رہا ہے جس میں پاکستان اور دنیا بھر کے اہم واقعات کا ذکر کیا گیا ہے۔ اس سلسلے میں مختلف
ہانگ کانگ ٹائمز کے قارئین کے لیے یہ
اقتباس
ہانگ کانگ ٹائمز
27
ہانگ کانگ ٹائمز کے قارئین کے لیے یہ
اقتباس
ہانگ کانگ ٹائمز
28
ہانگ کانگ ٹائمز کے قارئین کے لیے یہ اقتباس پیش کیا جا رہا ہے جس میں پاکستان اور دنیا بھر کے اہم واقعات کا ذکر کیا گیا ہے۔ اس سلسلے میں مختلف شخصیات نے اپنے خیالات کا اظہار کیا اور حکومت سے مطالبہ کیا کہ عوام کے مسائل فوری طور پر حل کیے جائیں تاکہ ملک ترقی کی راہ پر گامزن ہو سکے۔ ہانگ کانگ ٹائمز کے قارئین کے لیے یہ اقتباس پیش کیا جا رہا ہے جس میں پاکستان اور دنیا بھر کے اہم واقعات کا ذکر کیا گیا ہے۔ اس سلسلے میں مختلف شخصیات نے اپنے خیالات کا اظہار کیا اور حکومت سے مطالبہ کیا کہ عوام کے
اقتباس
ہانگ کانگ ٹائمز
29
ہانگ کانگ ٹائمز کے قارئین کے لیے یہ اقتباس پیش کیا جا رہا ہے جس میں پاکستان اور دنیا بھر کے اہم واقعات کا ذکر کیا گیا ہے۔ اس سلسلے میں مختلف شخصیات نے اپنے خیالات کا اظہار کیا اور حکومت سے مطالبہ کیا کہ عوام کے مسائل فوری طور پر حل کیے جائیں تاکہ ملک ترقی کی راہ پر گامزن ہو سکے۔
اقتباس
ہانگ کانگ ٹائمز
30
ہانگ کانگ ٹائمز کے قارئین کے لیے یہ اقتباس پیش کیا جا رہا ہے جس میں پاکستان اور دنیا بھر کے اہم واقعات کا ذکر کیا گیا ہے۔ اس سلسلے میں مختلف شخصیات نے اپنے خیالات کا اظہار کیا اور حکومت سے مطالبہ کیا کہ عوام کے مسائل فوری طور پر حل کیے جائیں تاکہ ملک ترقی کی راہ پر گامزن ہو سکے۔ ہانگ کانگ ٹائمز کے قارئین کے لیے یہ
اقتباس
ہانگ کانگ ٹائمز
31
ہانگ کانگ ٹائمز کے قارئین کے لیے یہ اقتباس پیش کیا جا رہا ہے جس میں پاکستان اور دنیا بھر کے اہم واقعات کا ذکر کیا گیا ہے۔ اس سلسلے میں مختلف شخصیات نے اپنے خیالات کا اظہار کیا اور حکومت سے مطالبہ کیا کہ عوام کے مسائل فوری طور پر حل کیے جائیں تاکہ ملک ترقی کی راہ پر گامزن ہو سکے۔ ہانگ کانگ ٹائمز کے قارئین کے لیے یہ اقتباس پیش کیا جا رہا ہے جس میں پاکستان اور دنیا بھر کے اہم واقعات کا ذکر کیا گیا ہے۔ اس سلسلے میں مختلف شخصیات نے اپنے خیالات کا اظہار کیا اور حکومت سے مطالبہ کیا کہ عوام کے
اقتباس
ہانگ کانگ ٹائمز
32
ہانگ کانگ ٹائمز کے قارئین کے لیے یہ اقتباس پیش کیا جا رہا ہے جس میں پاکستان اور دنیا بھر کے اہم واقعات کا
اقتباس
ہانگ کانگ ٹائمز
33
ہانگ کانگ ٹائمز کے قارئین کے لیے یہ اقتباس پیش کیا جا رہا ہے جس میں پاکستان اور دنیا بھر کے اہم واقعات کا ذکر کیا گیا ہے۔ اس سلسلے میں مختلف شخصیات نے اپنے خیالات کا اظہار کیا اور حکومت سے مطالبہ کیا کہ عوام کے مسائل فوری طور پر حل کیے جائیں تاکہ ملک ترقی کی راہ پر گامزن ہو سکے۔ ہانگ کانگ ٹائمز کے قارئین کے لیے یہ اقتباس پیش کیا جا رہا ہے جس میں پاکستان اور دنیا بھر کے اہم واقعات کا ذکر کیا گیا ہے۔ اس سلسلے میں مختلف شخصیات نے اپنے خیالات کا اظہار کیا اور حکومت سے مطالبہ کیا کہ عوام کے مسائل فوری طور پر حل کیے جائیں تاکہ ملک ترقی کی راہ پر گامزن ہو سکے۔ ہانگ کانگ ٹائمز کے قارئین کے لیے یہ اقتباس پیش کیا جا رہا ہے جس میں پاکستان اور دنیا بھر کے اہم واقعات کا ذکر کیا گیا ہے۔ اس سلسلے میں مختلف شخصیات نے اپنے خیالات کا اظہار کیا اور حکومت سے مطالبہ کیا کہ عوام کے مسائل فوری طور پر حل کیے جائیں تاکہ ملک ترقی کی راہ پر گامزن ہو سکے۔ ہانگ کانگ ٹائمز کے قارئین کے لیے یہ اقتباس پیش کیا جا رہا ہے جس میں پاکستان اور دنیا بھر کے اہم واقعات کا ذکر کیا گیا ہے۔ اس سلسلے میں مختلف شخصیات نے اپنے خیالات کا اظہار کیا اور حکومت سے مطالبہ کیا کہ عوام کے مسائل فوری طور پر حل کیے جائیں تاکہ ملک ترقی کی راہ پر گامزن ہو سکے۔ ہانگ کانگ ٹائمز کے قارئین کے لیے یہ اقتباس پیش کیا جا رہا ہے جس میں پاکستان اور دنیا بھر کے اہم واقعات کا ذکر کیا گیا ہے۔ اس سلسلے میں مختلف شخصیات نے اپنے خیالات کا اظہار کیا اور حکومت سے مطالبہ کیا کہ عوام کے مسائل فوری طور پر حل کیے جائیں تاکہ ملک ترقی کی راہ پر گامزن ہو سکے۔ ہانگ کانگ ٹائمز کے قارئین کے لیے یہ اقتباس پیش کیا جا رہا ہے جس میں پاکستان اور دنیا بھر کے اہم واقعات کا ذکر کیا گیا ہے۔ اس سلسلے میں مختلف شخصیات نے اپنے خیالات کا اظہار کیا اور حکومت سے مطالبہ کیا کہ عوام کے مسائل فوری طور پر حل کیے جائیں تاکہ ملک ترقی کی راہ پر گامزن ہو سکے۔ ہانگ کانگ ٹائمز کے قارئین کے لیے یہ اقتباس پیش کیا جا رہا ہے جس میں پاکستان اور دنیا بھر کے اہم واقعات کا ذکر کیا گیا ہے۔ اس سلسلے میں مختلف شخصیات نے اپنے خیالات کا اظہار کیا اور حکومت سے مطالبہ کیا کہ عوام کے مسائل فوری طور پر حل کیے جائیں تاکہ ملک ترقی کی راہ پر گامزن ہو سکے۔
اقتباس
ہانگ کانگ ٹائمز
34
ہانگ کانگ ٹائمز کے قارئین کے لیے یہ اقتباس پیش کیا جا رہا ہے جس میں پاکستان اور دنیا بھر کے اہم واقعات کا ذکر کیا گیا ہے۔ اس سلسلے میں مختلف شخصیات نے اپنے خیالات کا اظہار کیا اور حکومت سے مطالبہ کیا کہ عوام کے مسائل فوری طور پر حل کیے جائیں تاکہ ملک ترقی کی راہ پر گامزن ہو سکے۔ ہانگ کانگ ٹائمز کے قارئین کے لیے یہ اقتباس پیش کیا جا رہا ہے جس میں پاکستان اور دنیا بھر کے اہم واقعات کا ذکر کیا گیا ہے۔ اس سلسلے میں مختلف شخصیات نے اپنے خیالات کا اظہار کیا اور حکومت سے مطالبہ کیا کہ عوام کے مسائل فوری طور پر حل کیے جائیں تاکہ ملک ترقی کی راہ پر گامزن ہو سکے۔ ہانگ کانگ ٹائمز کے قارئین کے لیے یہ اقتباس پیش کیا جا رہا ہے جس میں
اقتباس
ہانگ کانگ ٹائمز
35
ہانگ کانگ ٹائمز کے قارئین کے لیے یہ اقتباس پیش کیا جا رہا ہے جس میں پاکستان اور دنیا بھر کے اہم واقعات کا ذکر کیا گیا ہے۔ اس سلسلے میں مختلف شخصیات نے اپنے خیالات کا اظہار کیا اور حکومت سے مطالبہ کیا کہ عوام کے مسائل فوری طور پر حل کیے جائیں تاکہ ملک ترقی کی راہ پر گامزن ہو سکے۔ ہانگ کانگ ٹائمز کے قارئین کے لیے یہ اقتباس پیش کیا جا رہا ہے جس میں پاکستان اور دنیا بھر کے اہم واقعات کا ذکر کیا گیا ہے۔ اس سلسلے میں مختلف شخصیات نے اپنے خیالات کا اظہار کیا اور حکومت سے مطالبہ کیا کہ عوام کے مسائل فوری طور پر حل کیے جائیں تاکہ ملک ترقی کی راہ پر گامزن ہو سکے۔ ہانگ کانگ ٹائمز کے قارئین کے لیے یہ اقتباس پیش کیا جا رہا ہے جس میں پاکستان اور دنیا بھر کے اہم واقعات کا ذکر کیا گیا ہے۔ اس سلسلے میں مختلف شخصیات نے اپنے خیالات کا اظہار کیا اور حکومت سے مطالبہ کیا کہ عوام کے مسائل فوری طور پر حل کیے جائیں تاکہ ملک ترقی کی راہ پر گامزن ہو سکے۔ ہانگ کانگ ٹائمز کے قارئین کے لیے یہ اقتباس پیش کیا جا رہا ہے جس میں پاکستان اور دنیا بھر کے اہم واقعات کا ذکر کیا گیا ہے۔ اس سلسلے میں مختلف
اقتباس
ہانگ کانگ ٹائمز
36
ہانگ کانگ ٹائمز کے قارئین کے لیے یہ اقتباس پیش کیا جا رہا ہے جس میں پاکستان اور دنیا بھر کے اہم واقعات کا ذکر کیا گیا ہے۔ اس سلسلے میں مختلف شخصیات نے اپنے خیالات کا اظہار کیا اور حکومت سے مطالبہ کیا کہ عوام کے مسائل فوری طور پر حل کیے جائیں تاکہ ملک ترقی کی راہ پر گامزن ہو سکے۔ ہانگ کانگ ٹائمز کے قارئین کے لیے یہ اقتباس پیش کیا جا رہا ہے جس میں پاکستان اور دنیا بھر کے اہم واقعات کا ذکر کیا گیا ہے۔ اس سلسلے میں مختلف شخصیات نے اپنے خیالات کا اظہار کیا اور حکومت سے مطالبہ کیا کہ عوام کے
اقتباس
ہانگ کانگ ٹائمز
37
ہانگ کانگ ٹائمز کے قارئین کے لیے یہ اقتباس پیش کیا جا رہا ہے جس میں پاکستان اور دنیا بھر کے اہم واقعات کا ذکر کیا گیا ہے۔ اس سلسلے میں مختلف شخصیات نے اپنے خیالات کا اظہار کیا اور حکومت سے مطالبہ کیا کہ عوام کے مسائل فوری طور پر حل کیے جائیں تاکہ ملک ترقی کی راہ پر گامزن ہو سکے۔ ہانگ کانگ ٹائمز کے قارئین کے لیے یہ اقتباس پیش کیا جا رہا ہے جس میں پاکستان اور دنیا بھر کے اہم واقعات کا
اقتباس
ہانگ کانگ ٹائمز
38
ہانگ کانگ ٹائمز کے قارئین کے لیے یہ اقتباس پیش کیا جا رہا ہے جس میں پاکستان اور دنیا بھر کے اہم واقعات کا
Editor:
S.J.Raghbi
Mailing Address:
Tuen Mun P.O.Box 495, Tuen Mun, NT, Hong Kong
Tel:- 852- 52319655 Fax:- 852- 3007 3602
Email: hongkongtimes@gmail.com
Website: www.hongkongtimes.online
ضروری اطلاع برائے ادارہ ”ہانگ کانگ ٹائمز“
ہر خاص و عام کو مطلع کیا جاتا ہے کہ ہانگ کانگ ٹائمز میں شائع ہونے والے اشتہارات نیک نیتی اور مارکیٹنگ کی بنیاد پر شائع کیے جاتے ہیں، ان کی صداقت و فروخت کی ذمہ داری ادارہ پر نہیں ہوگی۔ (ادارہ)
HONG KONG TIMES
The Size of the Newspaper, A3
Advertising Rates for Each Issue
Front	Half Page	HK $ 9,500
Front	Quarter Page	HK $ 7,000
Back	Half Page	HK $ 8,500
Back	Quarter Page	HK $ 6,500
Inner	Full Page	HK $ 14000
Inner	Half Page	HK $ 8,000
Inner	Quarter Page	HK $ 6,000
